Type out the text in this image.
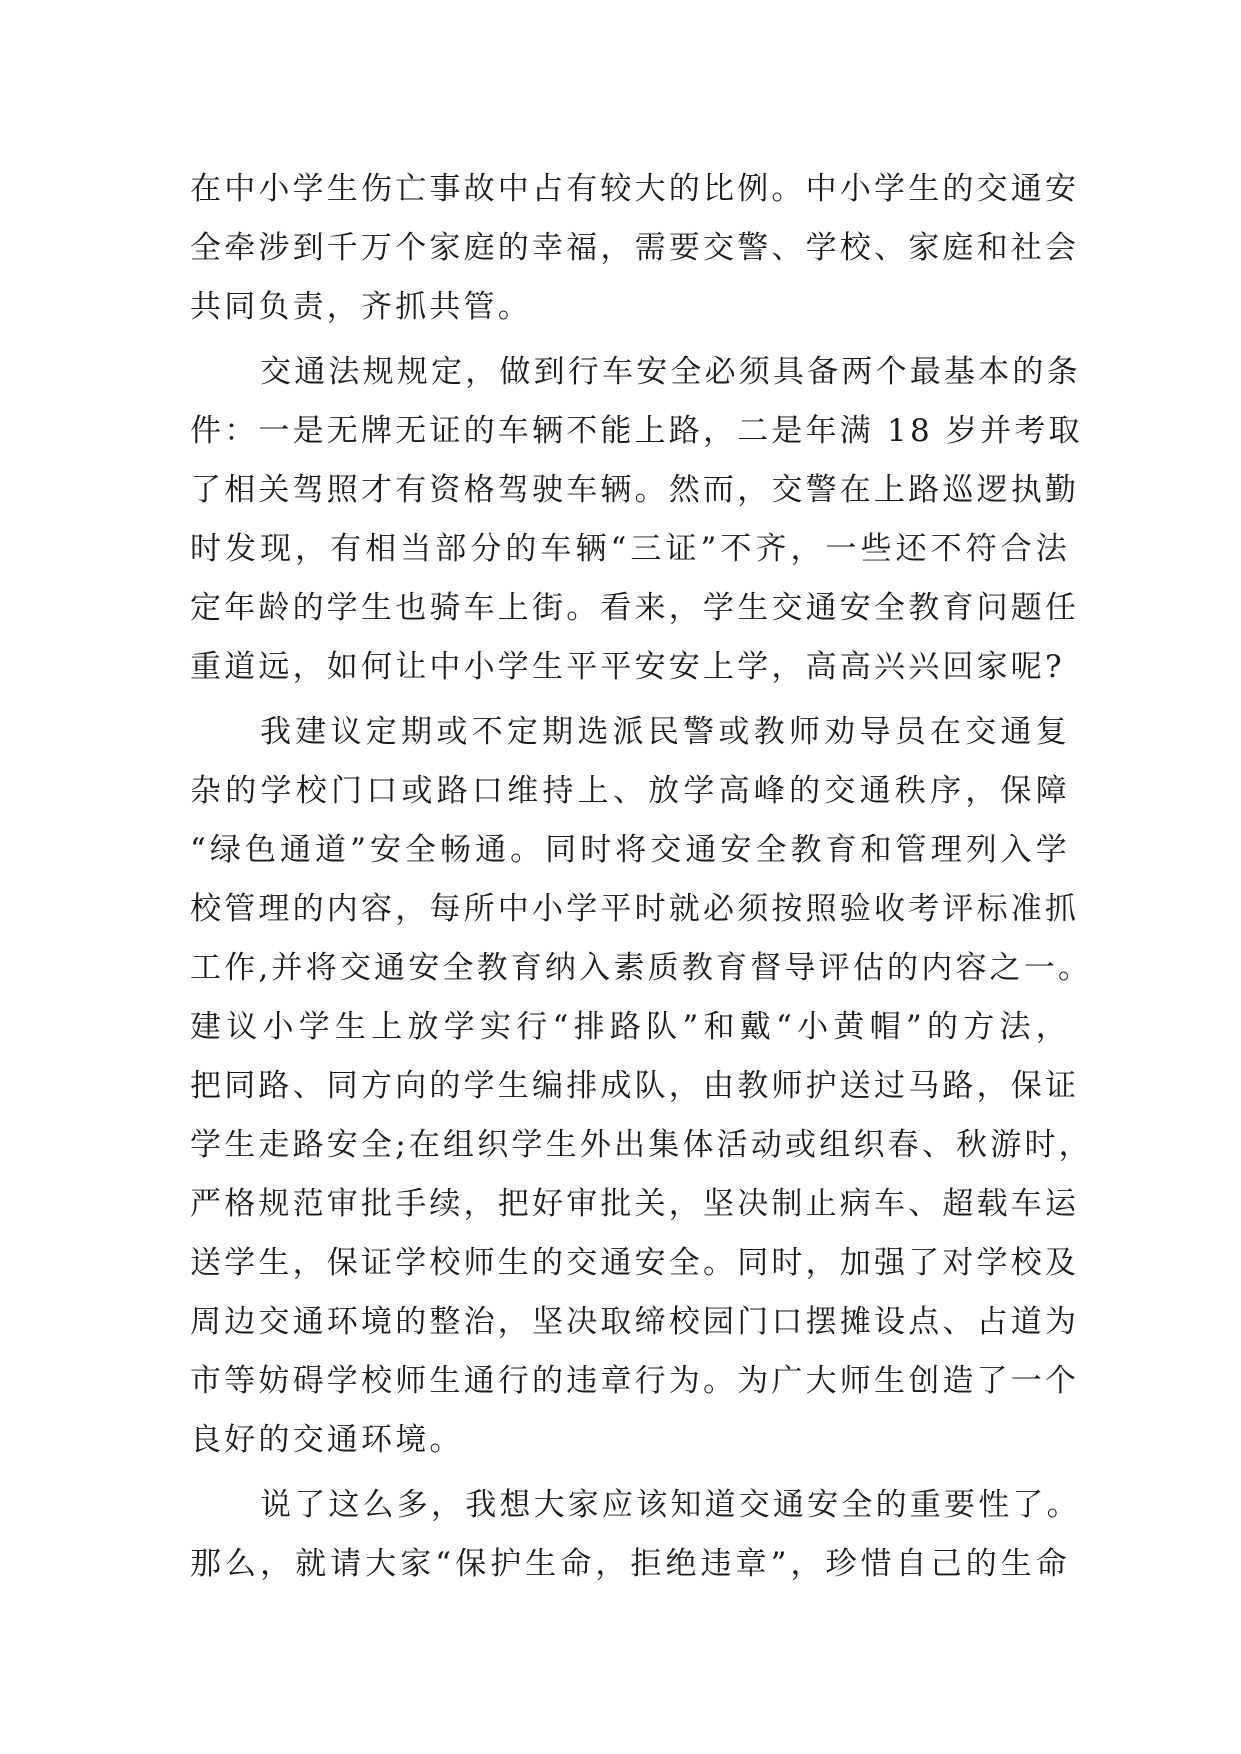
在中小学生伤亡事故中占有较大的比例。中小学生的交通安
全牵涉到千万个家庭的幸福，需要交警、学校、家庭和社会
共同负责，齐抓共管。
交通法规规定，做到行车安全必须具备两个最基本的条
件：一是无牌无证的车辆不能上路，二是年满 18 岁并考取
了相关驾照才有资格驾驶车辆。然而，交警在上路巡逻执勤
时发现，有相当部分的车辆“三证”不齐，一些还不符合法
定年龄的学生也骑车上街。看来，学生交通安全教育问题任
重道远，如何让中小学生平平安安上学，高高兴兴回家呢?
我建议定期或不定期选派民警或教师劝导员在交通复
杂的学校门口或路口维持上、放学高峰的交通秩序，保障
“绿色通道”安全畅通。同时将交通安全教育和管理列入学
校管理的内容，每所中小学平时就必须按照验收考评标准抓
工作,并将交通安全教育纳入素质教育督导评估的内容之一。
建议小学生上放学实行“排路队”和戴“小黄帽”的方法，
把同路、同方向的学生编排成队，由教师护送过马路，保证
学生走路安全;在组织学生外出集体活动或组织春、秋游时，
严格规范审批手续，把好审批关，坚决制止病车、超载车运
送学生，保证学校师生的交通安全。同时，加强了对学校及
周边交通环境的整治，坚决取缔校园门口摆摊设点、占道为
市等妨碍学校师生通行的违章行为。为广大师生创造了一个
良好的交通环境。
说了这么多，我想大家应该知道交通安全的重要性了。
那么，就请大家“保护生命，拒绝违章”，珍惜自己的生命
